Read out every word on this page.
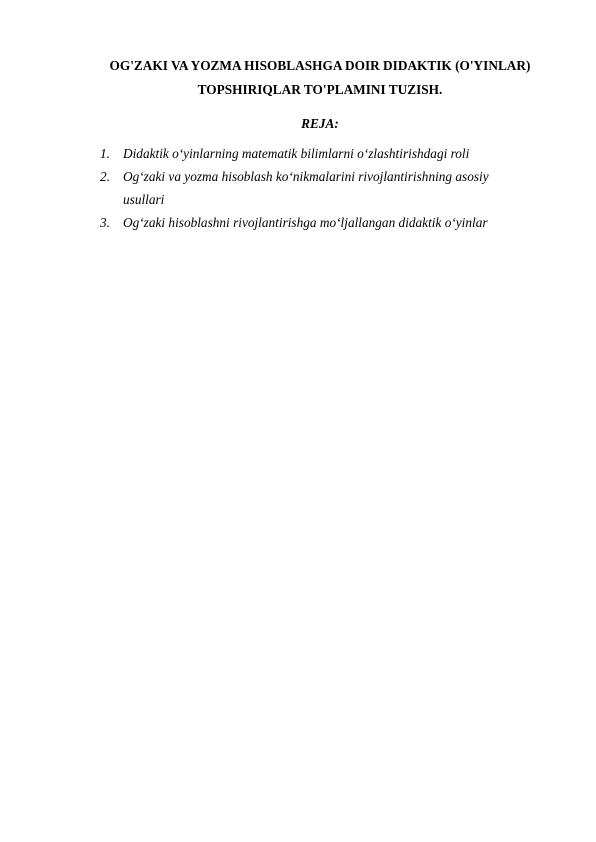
OG'ZAKI VA YOZMA HISOBLASHGA DOIR DIDAKTIK (O'YINLAR)
TOPSHIRIQLAR TO'PLAMINI TUZISH.

REJA:

1. Didaktik o‘yinlarning matematik bilimlarni o‘zlashtirishdagi roli
2. Og‘zaki va yozma hisoblash ko‘nikmalarini rivojlantirishning asosiy usullari
3. Og‘zaki hisoblashni rivojlantirishga mo‘ljallangan didaktik o‘yinlar
